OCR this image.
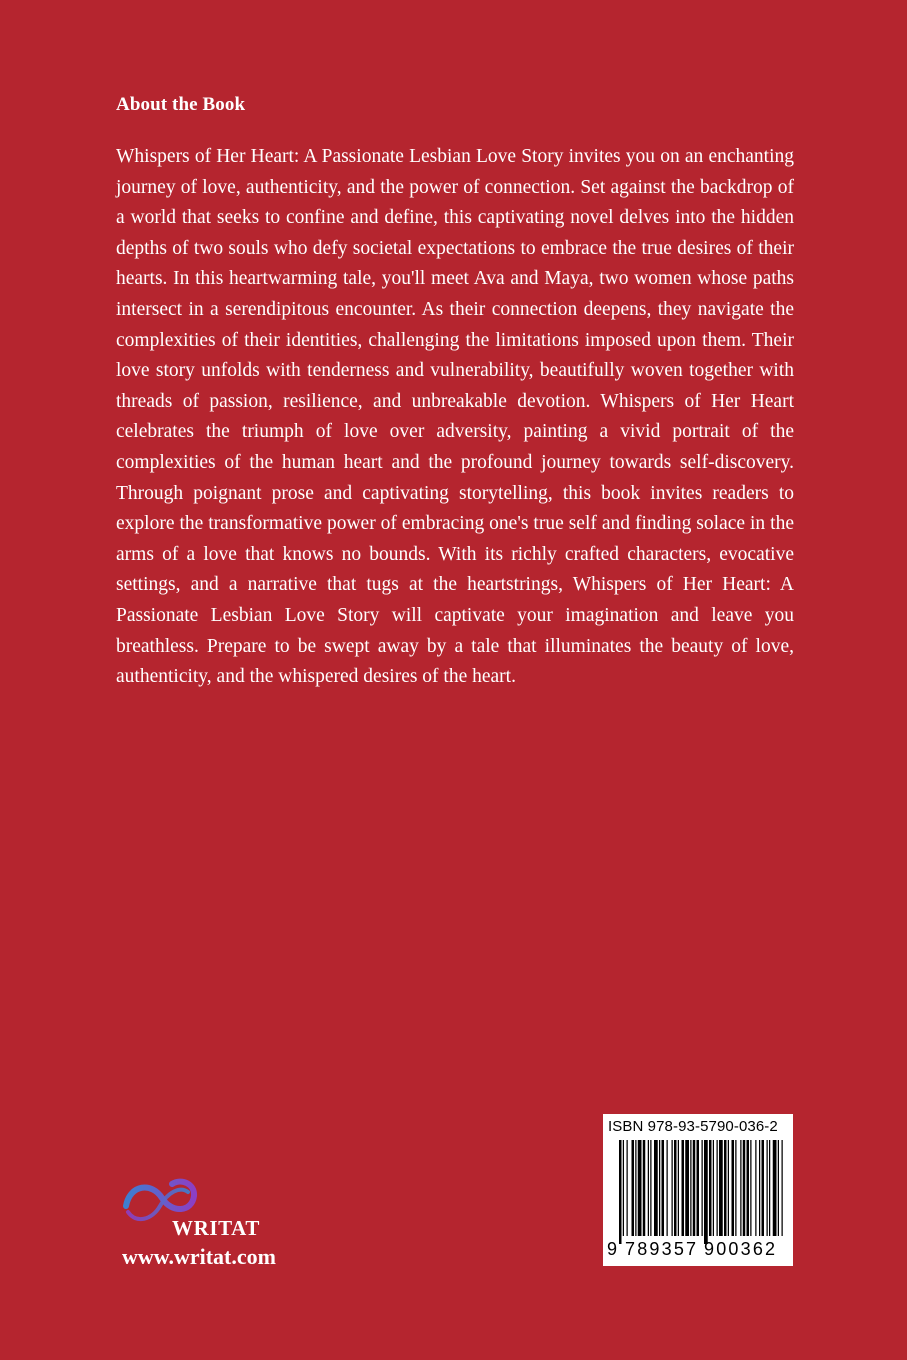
About the Book

Whispers of Her Heart: A Passionate Lesbian Love Story invites you on an enchanting journey of love, authenticity, and the power of connection. Set against the backdrop of a world that seeks to confine and define, this captivating novel delves into the hidden depths of two souls who defy societal expectations to embrace the true desires of their hearts. In this heartwarming tale, you'll meet Ava and Maya, two women whose paths intersect in a serendipitous encounter. As their connection deepens, they navigate the complexities of their identities, challenging the limitations imposed upon them. Their love story unfolds with tenderness and vulnerability, beautifully woven together with threads of passion, resilience, and unbreakable devotion. Whispers of Her Heart celebrates the triumph of love over adversity, painting a vivid portrait of the complexities of the human heart and the profound journey towards self-discovery. Through poignant prose and captivating storytelling, this book invites readers to explore the transformative power of embracing one's true self and finding solace in the arms of a love that knows no bounds. With its richly crafted characters, evocative settings, and a narrative that tugs at the heartstrings, Whispers of Her Heart: A Passionate Lesbian Love Story will captivate your imagination and leave you breathless. Prepare to be swept away by a tale that illuminates the beauty of love, authenticity, and the whispered desires of the heart.

WRITAT
www.writat.com
ISBN 978-93-5790-036-2
9 789357 900362
